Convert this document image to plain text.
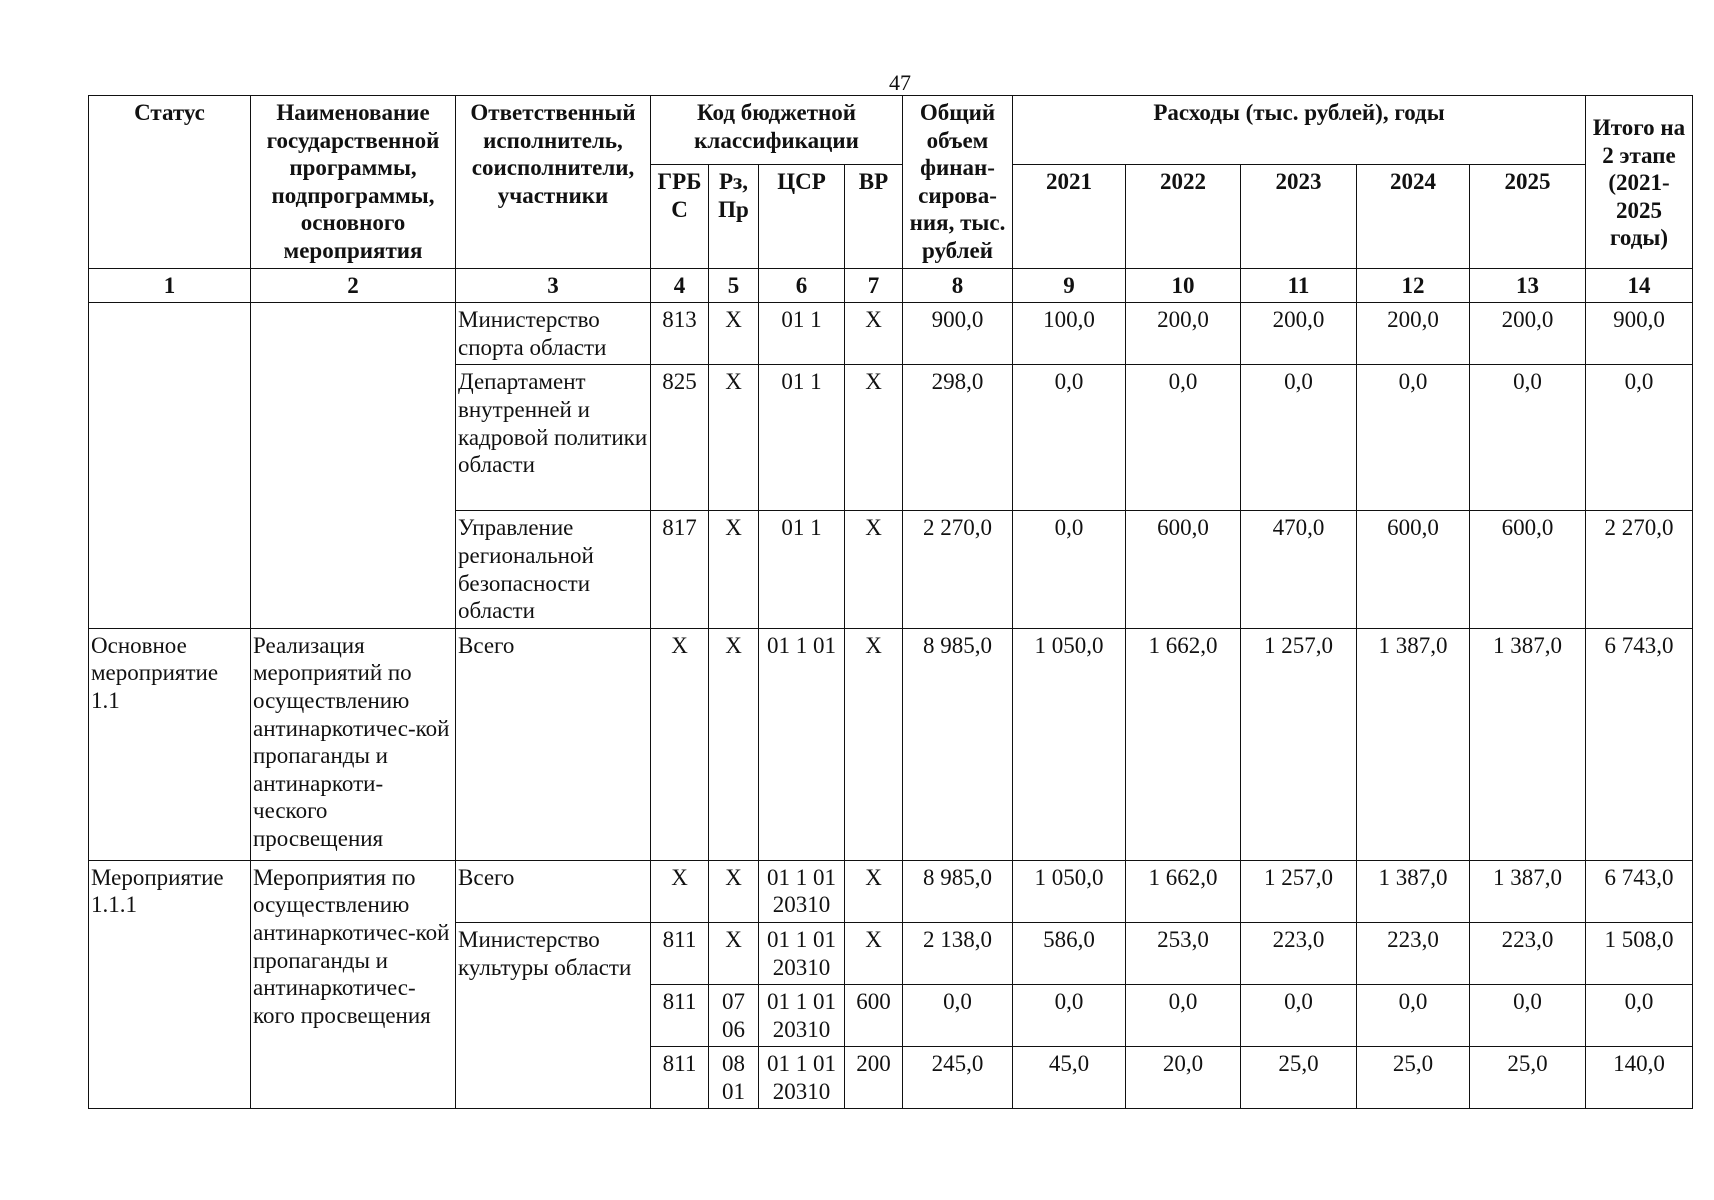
47
Статус	Наименование государственной программы, подпрограммы, основного мероприятия	Ответственный исполнитель, соисполнители, участники	Код бюджетной классификации				Общий объем финан-сирова-ния, тыс. рублей	Расходы (тыс. рублей), годы					Итого на 2 этапе (2021-2025 годы)
			ГРБС	Рз, Пр	ЦСР	ВР		2021	2022	2023	2024	2025	
1	2	3	4	5	6	7	8	9	10	11	12	13	14
		Министерство спорта области	813	Х	01 1	Х	900,0	100,0	200,0	200,0	200,0	200,0	900,0
		Департамент внутренней и кадровой политики области	825	Х	01 1	Х	298,0	0,0	0,0	0,0	0,0	0,0	0,0
		Управление региональной безопасности области	817	Х	01 1	Х	2 270,0	0,0	600,0	470,0	600,0	600,0	2 270,0
Основное мероприятие 1.1	Реализация мероприятий по осуществлению антинаркотичес-кой пропаганды и антинаркоти-ческого просвещения	Всего	Х	Х	01 1 01	Х	8 985,0	1 050,0	1 662,0	1 257,0	1 387,0	1 387,0	6 743,0
Мероприятие 1.1.1	Мероприятия по осуществлению антинаркотичес-кой пропаганды и антинаркотичес-кого просвещения	Всего	Х	Х	01 1 01 20310	Х	8 985,0	1 050,0	1 662,0	1 257,0	1 387,0	1 387,0	6 743,0
		Министерство культуры области	811	Х	01 1 01 20310	Х	2 138,0	586,0	253,0	223,0	223,0	223,0	1 508,0
			811	07 06	01 1 01 20310	600	0,0	0,0	0,0	0,0	0,0	0,0	0,0
			811	08 01	01 1 01 20310	200	245,0	45,0	20,0	25,0	25,0	25,0	140,0
